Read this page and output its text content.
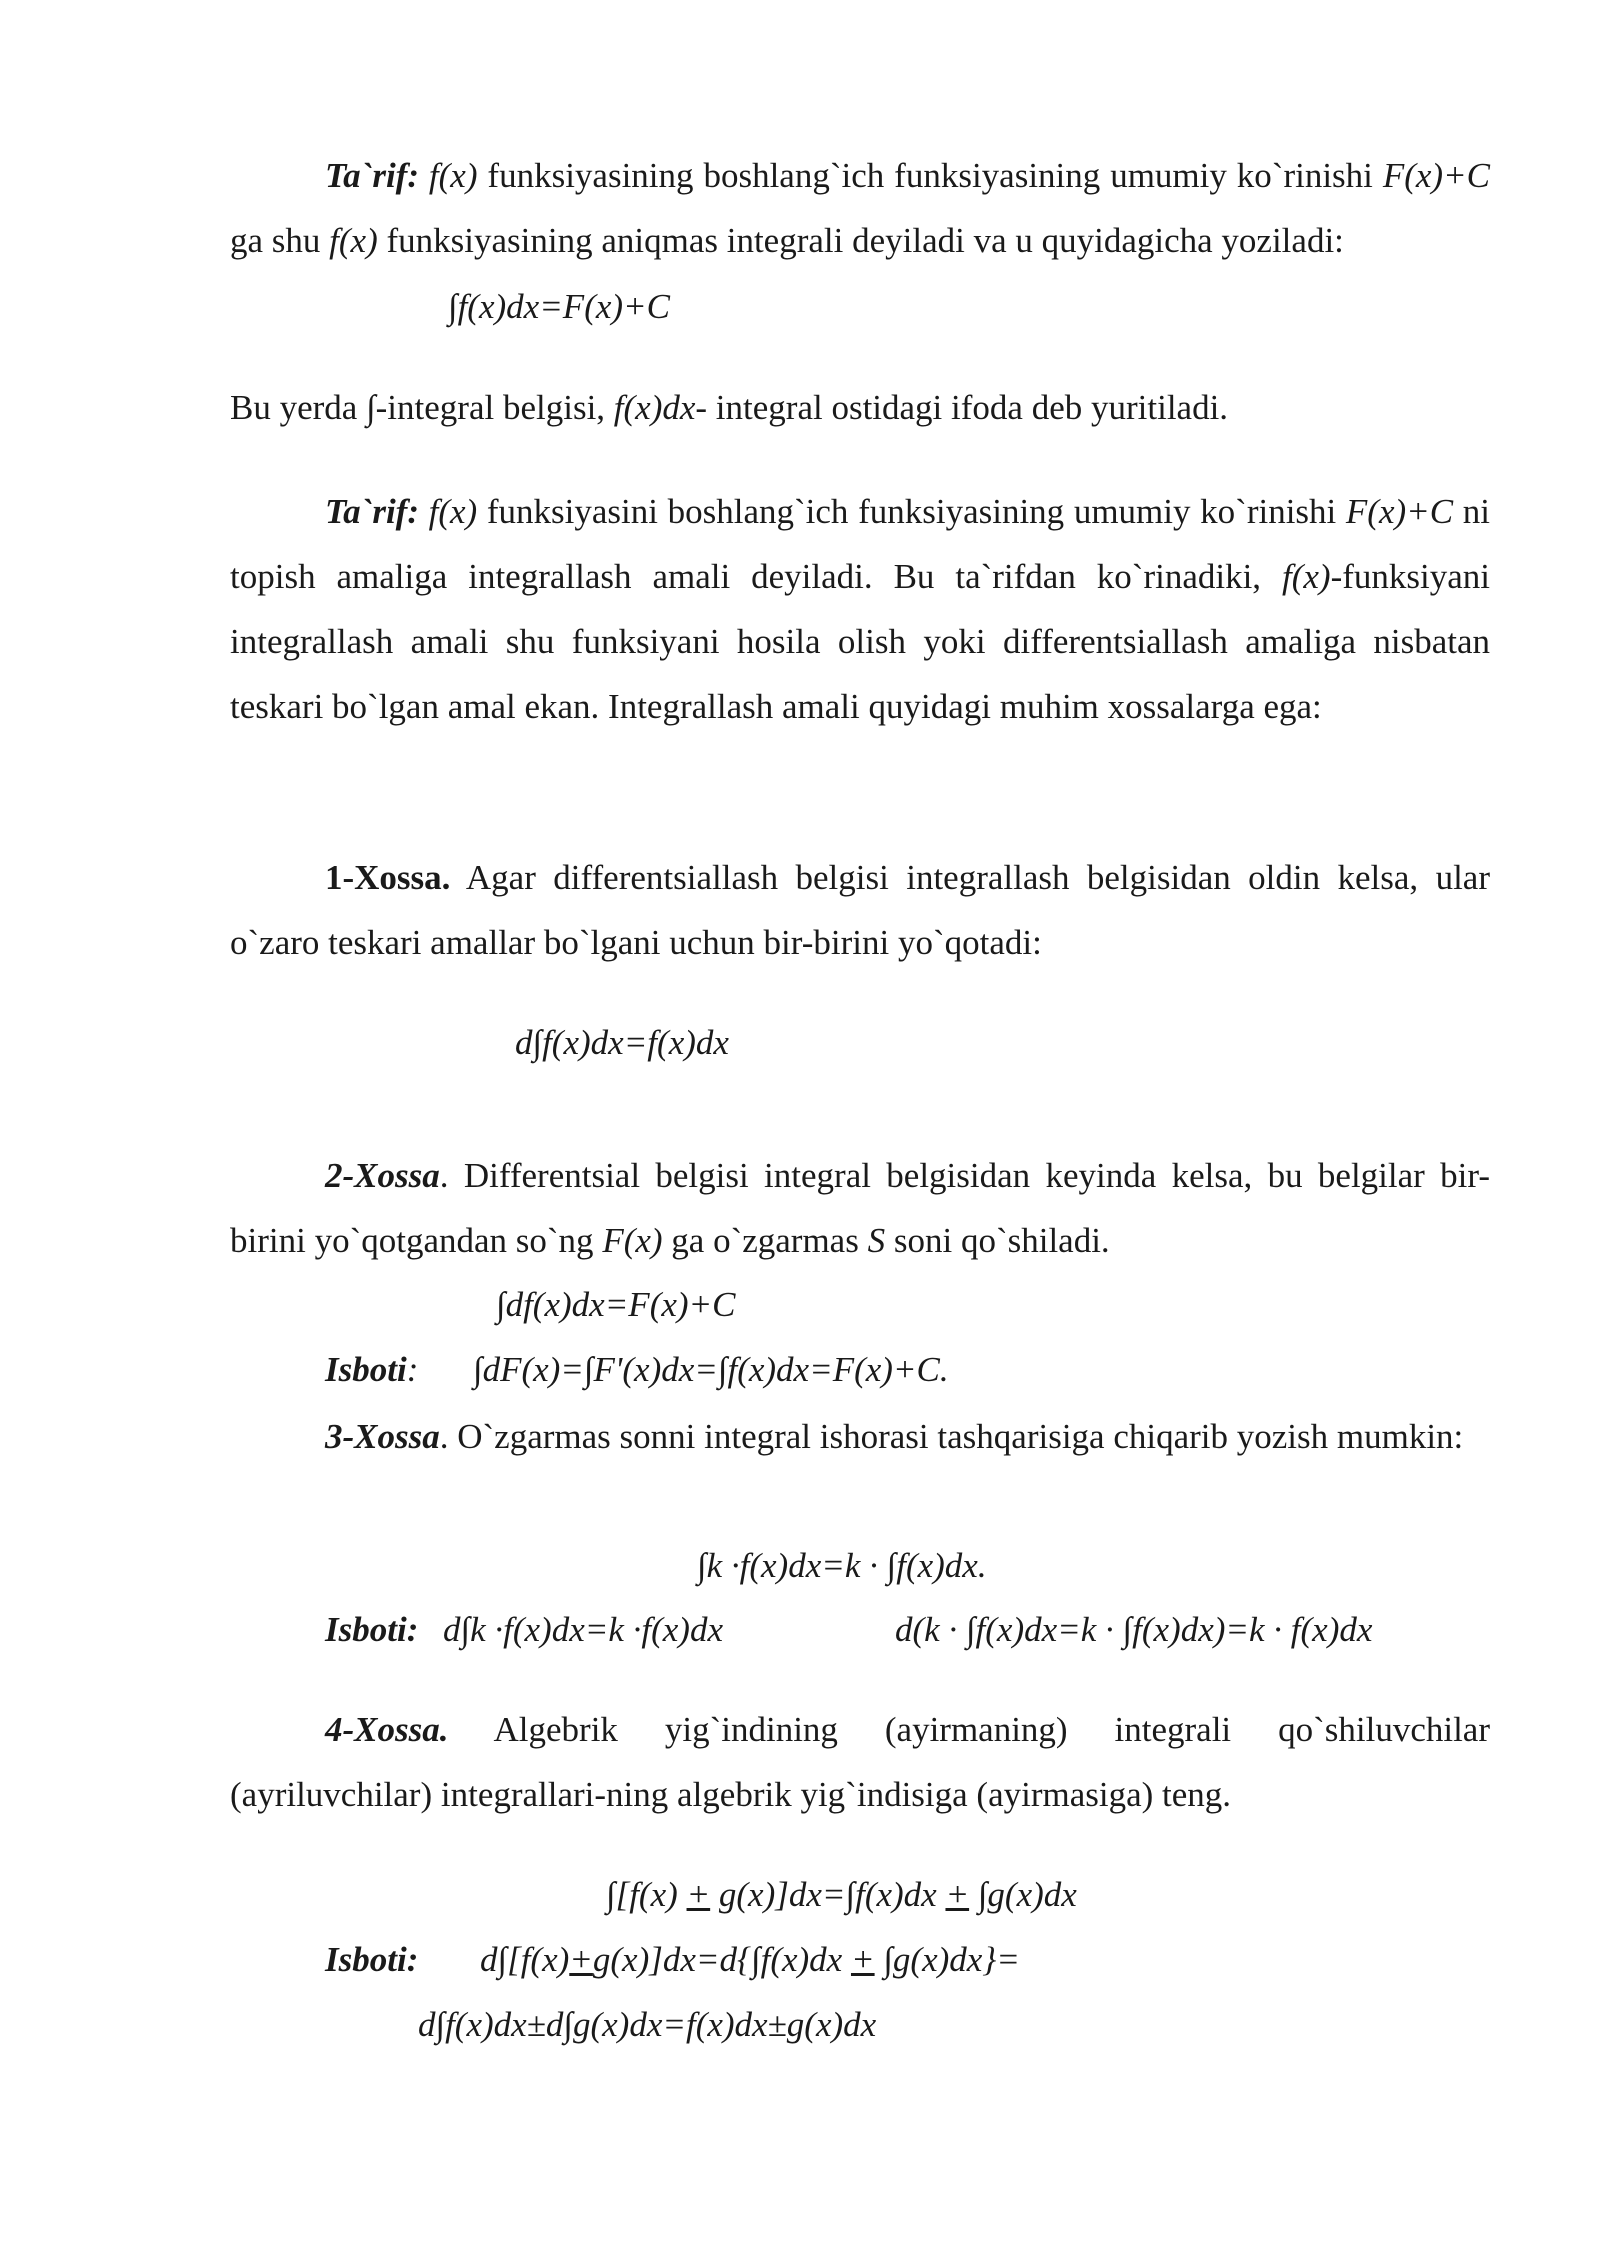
Ta`rif: f(x) funksiyasining boshlang`ich funksiyasining umumiy ko`rinishi F(x)+C ga shu f(x) funksiyasining aniqmas integrali deyiladi va u quyidagicha yoziladi:

∫f(x)dx=F(x)+C
Bu yerda ∫-integral belgisi, f(x)dx- integral ostidagi ifoda deb yuritiladi.

Ta`rif: f(x) funksiyasini boshlang`ich funksiyasining umumiy ko`rinishi F(x)+C ni topish amaliga integrallash amali deyiladi. Bu ta`rifdan ko`rinadiki, f(x)-funksiyani integrallash amali shu funksiyani hosila olish yoki differentsiallash amaliga nisbatan teskari bo`lgan amal ekan. Integrallash amali quyidagi muhim xossalarga ega:

1-Xossa. Agar differentsiallash belgisi integrallash belgisidan oldin kelsa, ular o`zaro teskari amallar bo`lgani uchun bir-birini yo`qotadi:

d∫f(x)dx=f(x)dx

2-Xossa. Differentsial belgisi integral belgisidan keyinda kelsa, bu belgilar bir-birini yo`qotgandan so`ng F(x) ga o`zgarmas S soni qo`shiladi.

∫df(x)dx=F(x)+C
Isboti: ∫dF(x)=∫F'(x)dx=∫f(x)dx=F(x)+C.

3-Xossa. O`zgarmas sonni integral ishorasi tashqarisiga chiqarib yozish mumkin:

∫k ·f(x)dx=k · ∫f(x)dx.
Isboti: d∫k ·f(x)dx=k ·f(x)dx	d(k · ∫f(x)dx=k · ∫f(x)dx)=k · f(x)dx

4-Xossa. Algebrik yig`indining (ayirmaning) integrali qo`shiluvchilar (ayriluvchilar) integrallari-ning algebrik yig`indisiga (ayirmasiga) teng.

∫[f(x) + g(x)]dx=∫f(x)dx + ∫g(x)dx
Isboti: d∫[f(x)+g(x)]dx=d{∫f(x)dx + ∫g(x)dx}=
d∫f(x)dx±d∫g(x)dx=f(x)dx±g(x)dx
